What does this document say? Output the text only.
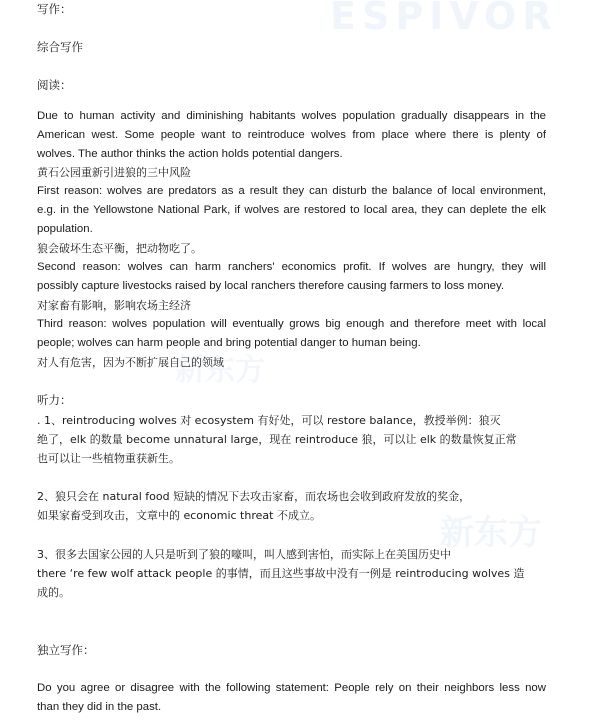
ESPIVOR
新东方
新东方
写作：
综合写作
阅读：
Due to human activity and diminishing habitants wolves population gradually disappears in the
American west. Some people want to reintroduce wolves from place where there is plenty of
wolves. The author thinks the action holds potential dangers.
黄石公园重新引进狼的三中风险
First reason: wolves are predators as a result they can disturb the balance of local environment,
e.g. in the Yellowstone National Park, if wolves are restored to local area, they can deplete the elk
population.
狼会破坏生态平衡，把动物吃了。
Second reason: wolves can harm ranchers' economics profit. If wolves are hungry, they will
possibly capture livestocks raised by local ranchers therefore causing farmers to loss money.
对家畜有影响，影响农场主经济
Third reason: wolves population will eventually grows big enough and therefore meet with local
people; wolves can harm people and bring potential danger to human being.
对人有危害，因为不断扩展自己的领域
听力：
. 1、reintroducing wolves 对 ecosystem 有好处，可以 restore balance，教授举例：狼灭
绝了，elk 的数量 become unnatural large，现在 reintroduce 狼，可以让 elk 的数量恢复正常
也可以让一些植物重获新生。
2、狼只会在 natural food 短缺的情况下去攻击家畜，而农场也会收到政府发放的奖金，
如果家畜受到攻击，文章中的 economic threat 不成立。
3、很多去国家公园的人只是听到了狼的嚎叫，叫人感到害怕，而实际上在美国历史中
there ‘re few wolf attack people 的事情，而且这些事故中没有一例是 reintroducing wolves 造
成的。
独立写作：
Do you agree or disagree with the following statement: People rely on their neighbors less now
than they did in the past.
